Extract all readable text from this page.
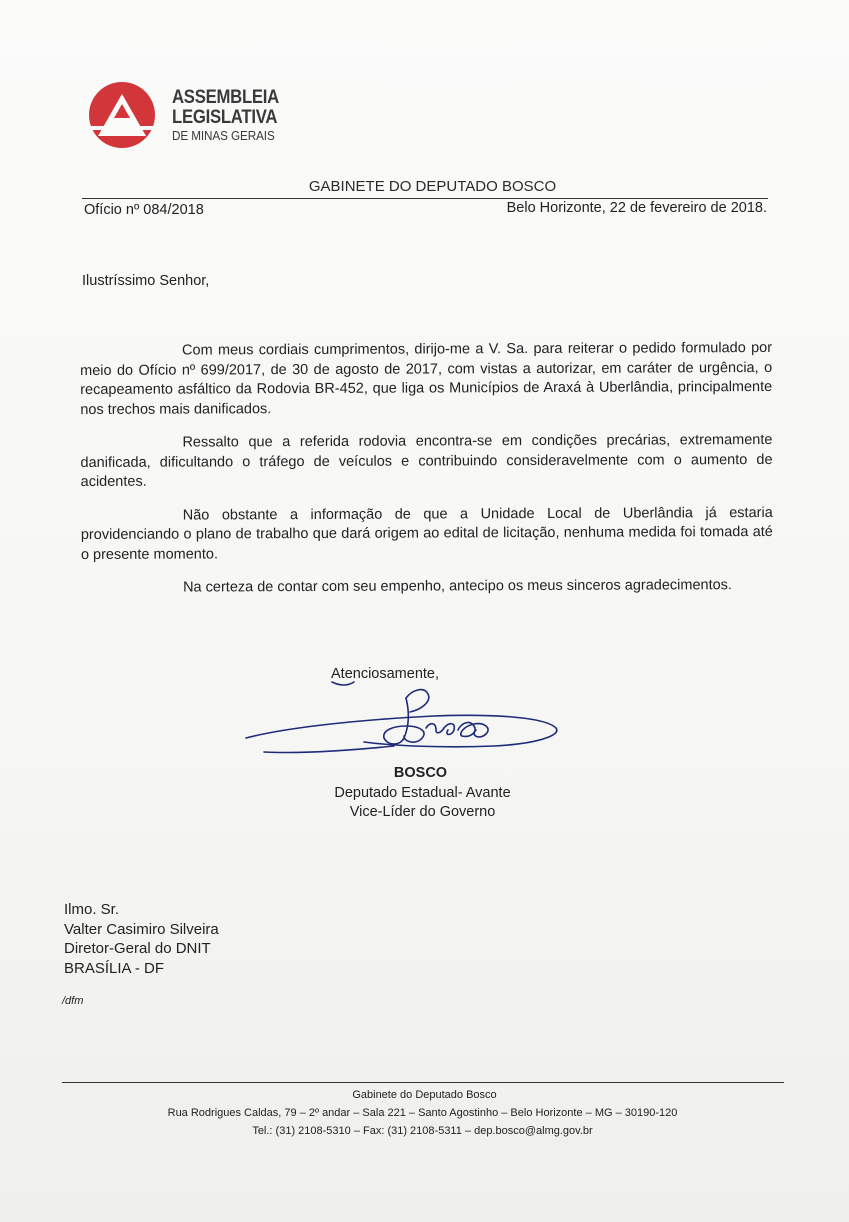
ASSEMBLEIA
LEGISLATIVA
DE MINAS GERAIS
GABINETE DO DEPUTADO BOSCO
Ofício nº 084/2018	Belo Horizonte, 22 de fevereiro de 2018.
Ilustríssimo Senhor,

Com meus cordiais cumprimentos, dirijo-me a V. Sa. para reiterar o pedido formulado por meio do Ofício nº 699/2017, de 30 de agosto de 2017, com vistas a autorizar, em caráter de urgência, o recapeamento asfáltico da Rodovia BR-452, que liga os Municípios de Araxá à Uberlândia, principalmente nos trechos mais danificados.

Ressalto que a referida rodovia encontra-se em condições precárias, extremamente danificada, dificultando o tráfego de veículos e contribuindo consideravelmente com o aumento de acidentes.

Não obstante a informação de que a Unidade Local de Uberlândia já estaria providenciando o plano de trabalho que dará origem ao edital de licitação, nenhuma medida foi tomada até o presente momento.

Na certeza de contar com seu empenho, antecipo os meus sinceros agradecimentos.

Atenciosamente,
BOSCO
Deputado Estadual- Avante
Vice-Líder do Governo
Ilmo. Sr.
Valter Casimiro Silveira
Diretor-Geral do DNIT
BRASÍLIA - DF
/dfm
Gabinete do Deputado Bosco
Rua Rodrigues Caldas, 79 – 2º andar – Sala 221 – Santo Agostinho – Belo Horizonte – MG – 30190-120
Tel.: (31) 2108-5310 – Fax: (31) 2108-5311 – dep.bosco@almg.gov.br
